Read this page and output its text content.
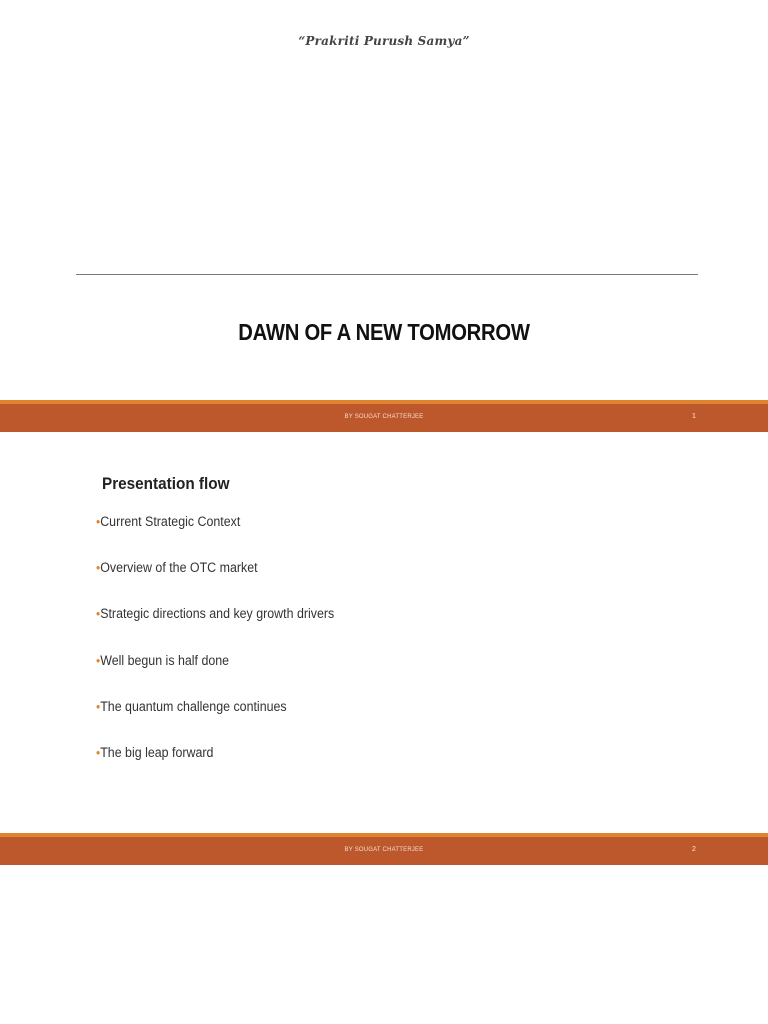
“Prakriti Purush Samya”
DAWN OF A NEW TOMORROW
BY SOUGAT CHATTERJEE	1
Presentation flow
•Current Strategic Context
•Overview of the OTC market
•Strategic directions and key growth drivers
•Well begun is half done
•The quantum challenge continues
•The big leap forward
BY SOUGAT CHATTERJEE	2
